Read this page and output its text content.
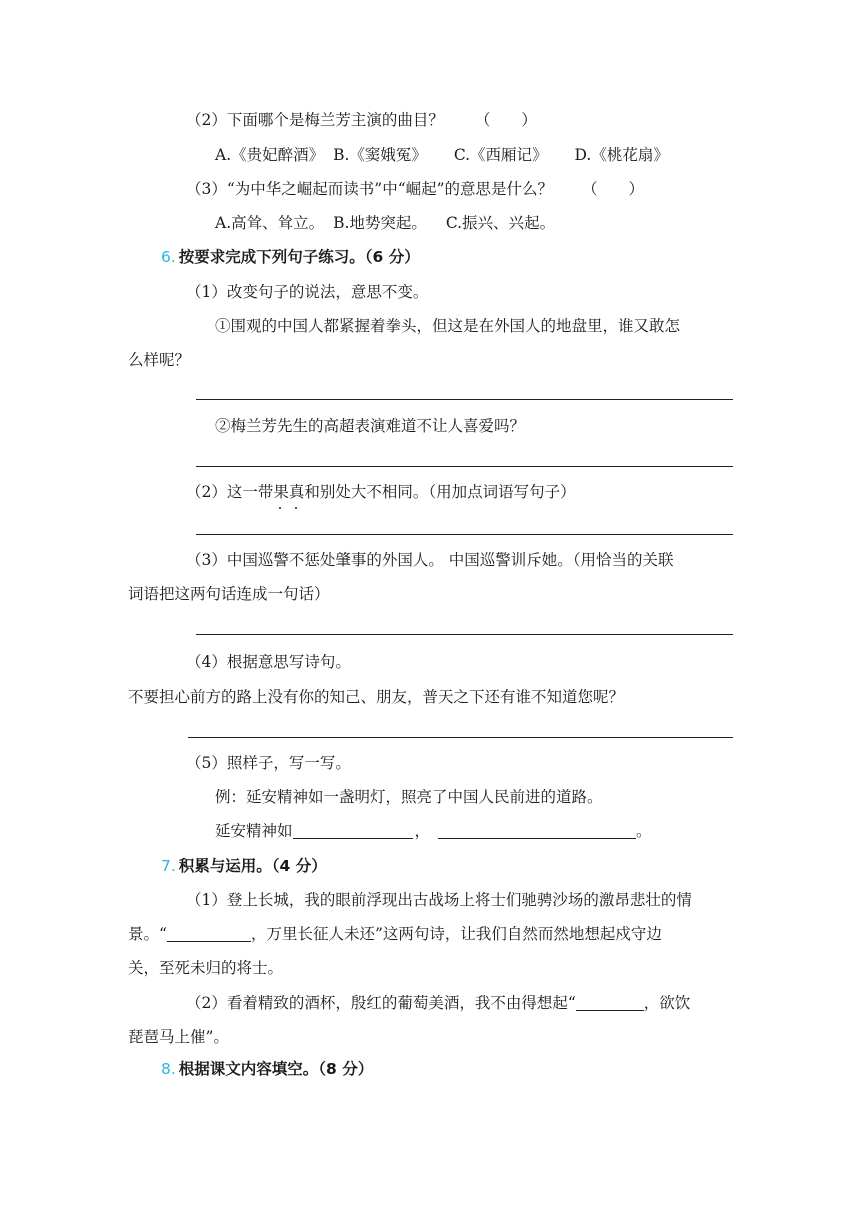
（2）下面哪个是梅兰芳主演的曲目？ （　　）
A.《贵妃醉酒》 B.《窦娥冤》 C.《西厢记》 D.《桃花扇》
（3）“为中华之崛起而读书”中“崛起”的意思是什么？ （　　）
A.高耸、耸立。 B.地势突起。 C.振兴、兴起。
6. 按要求完成下列句子练习。（6 分）
（1）改变句子的说法，意思不变。
①围观的中国人都紧握着拳头，但这是在外国人的地盘里，谁又敢怎
么样呢？
②梅兰芳先生的高超表演难道不让人喜爱吗？
（2）这一带果真
和别处大不相同。（用加点词语写句子）
（3）中国巡警不惩处肇事的外国人。 中国巡警训斥她。（用恰当的关联
词语把这两句话连成一句话）
（4）根据意思写诗句。
不要担心前方的路上没有你的知己、朋友，普天之下还有谁不知道您呢？
（5）照样子，写一写。
例：延安精神如一盏明灯，照亮了中国人民前进的道路。
延安精神如	，	。
7. 积累与运用。（4 分）
（1）登上长城，我的眼前浮现出古战场上将士们驰骋沙场的激昂悲壮的情
景。“	，万里长征人未还”这两句诗，让我们自然而然地想起戍守边
关，至死未归的将士。
（2）看着精致的酒杯，殷红的葡萄美酒，我不由得想起“	，欲饮
琵琶马上催”。
8. 根据课文内容填空。（8 分）
